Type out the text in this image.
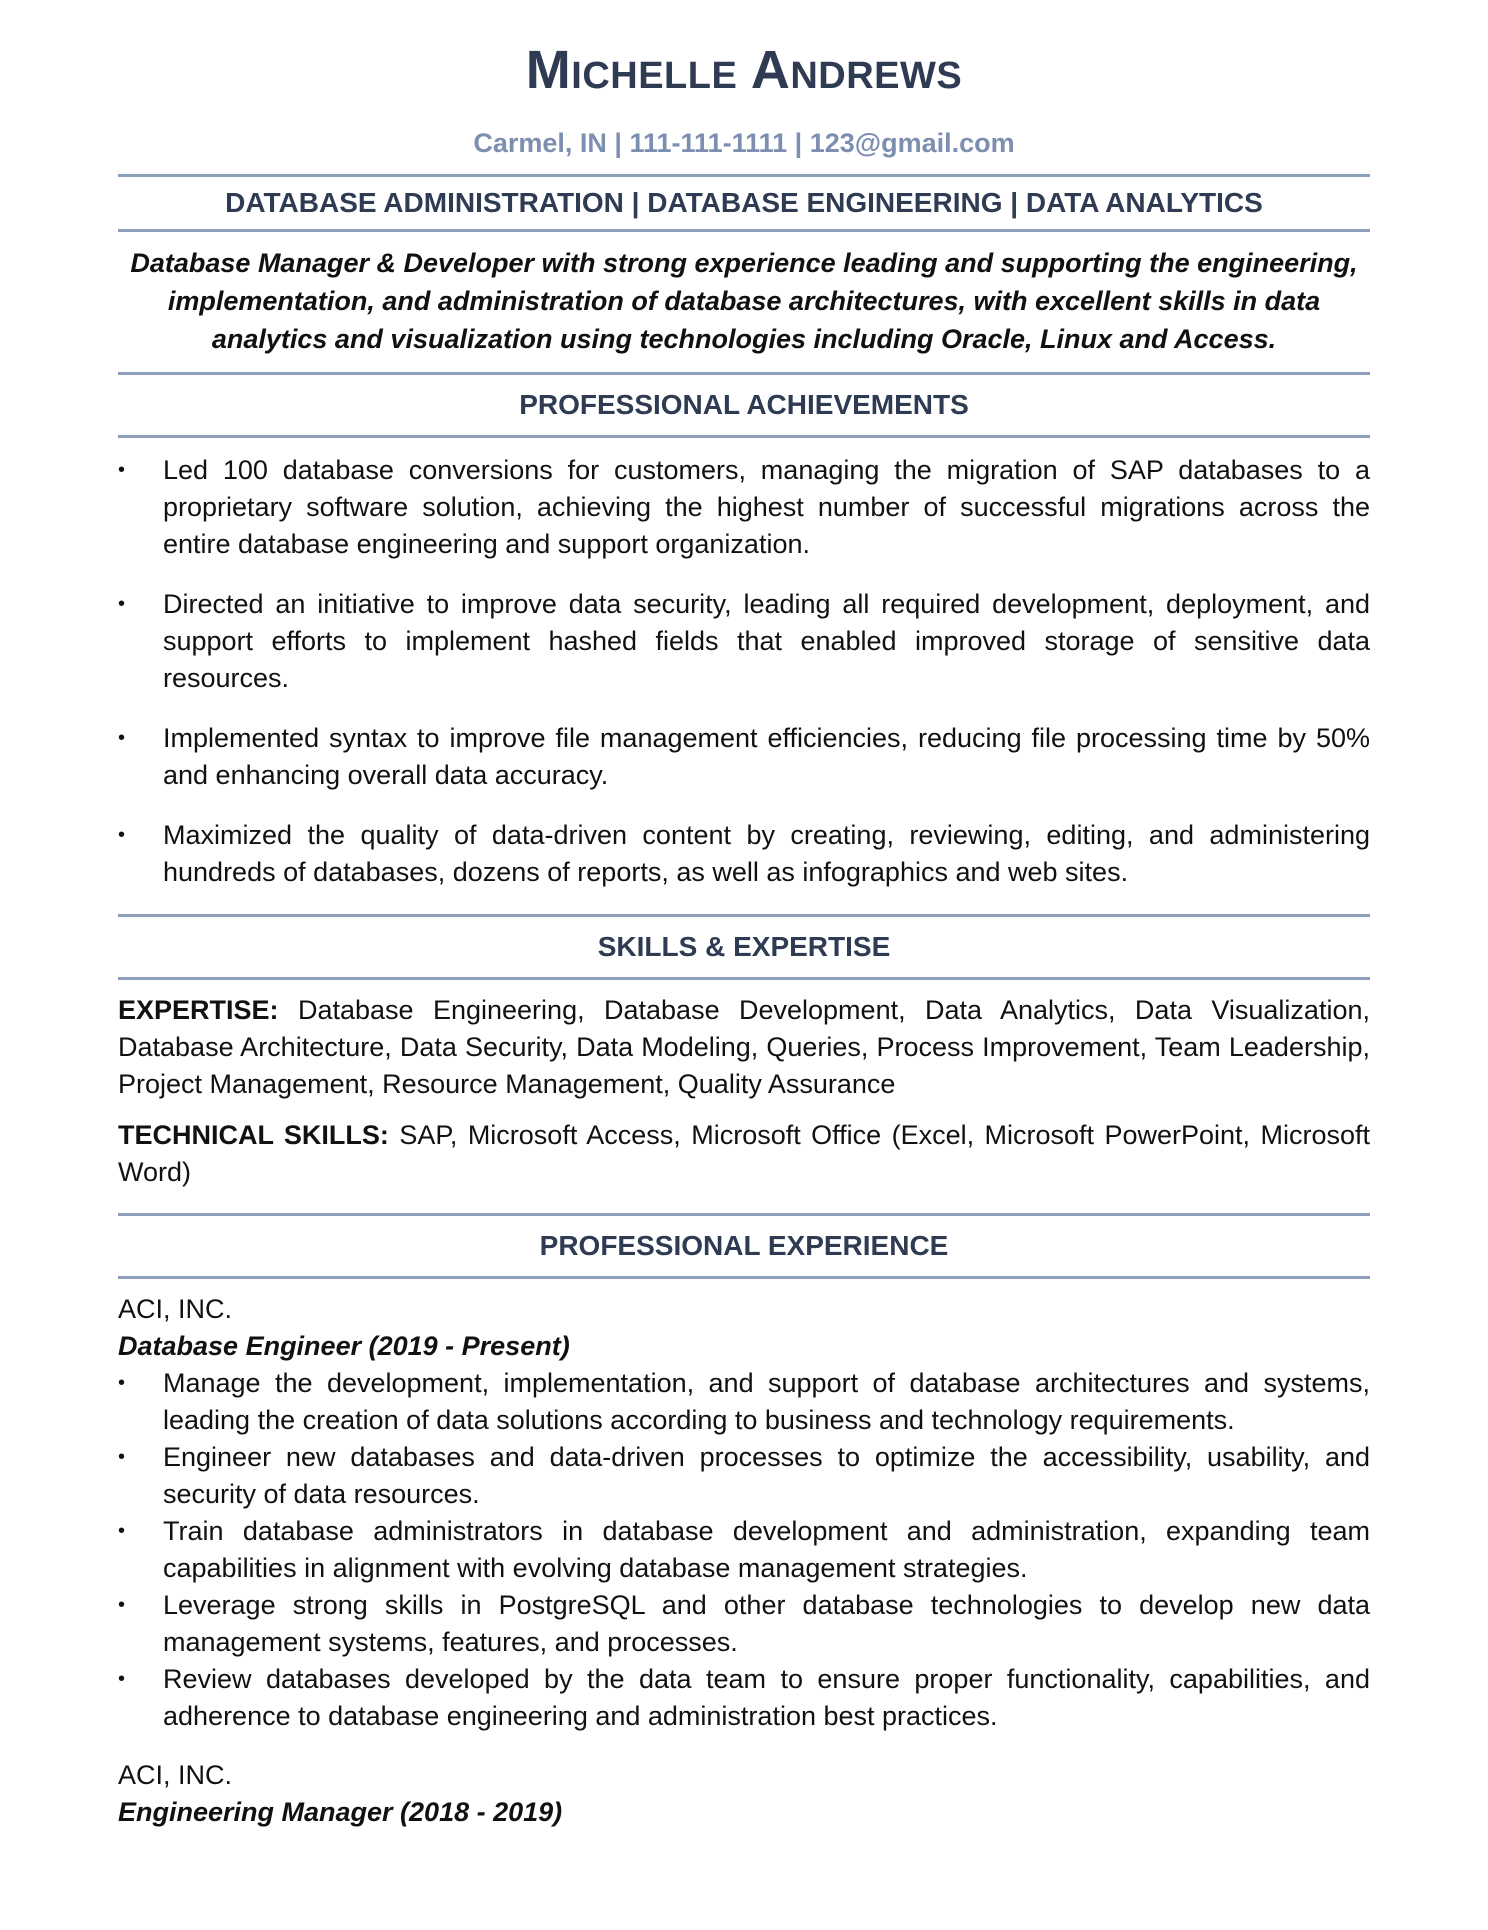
Michelle Andrews
Carmel, IN | 111-111-1111 | 123@gmail.com
DATABASE ADMINISTRATION | DATABASE ENGINEERING | DATA ANALYTICS
Database Manager & Developer with strong experience leading and supporting the engineering, implementation, and administration of database architectures, with excellent skills in data analytics and visualization using technologies including Oracle, Linux and Access.
PROFESSIONAL ACHIEVEMENTS
• Led 100 database conversions for customers, managing the migration of SAP databases to a proprietary software solution, achieving the highest number of successful migrations across the entire database engineering and support organization.
• Directed an initiative to improve data security, leading all required development, deployment, and support efforts to implement hashed fields that enabled improved storage of sensitive data resources.
• Implemented syntax to improve file management efficiencies, reducing file processing time by 50% and enhancing overall data accuracy.
• Maximized the quality of data-driven content by creating, reviewing, editing, and administering hundreds of databases, dozens of reports, as well as infographics and web sites.
SKILLS & EXPERTISE
EXPERTISE: Database Engineering, Database Development, Data Analytics, Data Visualization, Database Architecture, Data Security, Data Modeling, Queries, Process Improvement, Team Leadership, Project Management, Resource Management, Quality Assurance
TECHNICAL SKILLS: SAP, Microsoft Access, Microsoft Office (Excel, Microsoft PowerPoint, Microsoft Word)
PROFESSIONAL EXPERIENCE
ACI, INC.
Database Engineer (2019 - Present)
• Manage the development, implementation, and support of database architectures and systems, leading the creation of data solutions according to business and technology requirements.
• Engineer new databases and data-driven processes to optimize the accessibility, usability, and security of data resources.
• Train database administrators in database development and administration, expanding team capabilities in alignment with evolving database management strategies.
• Leverage strong skills in PostgreSQL and other database technologies to develop new data management systems, features, and processes.
• Review databases developed by the data team to ensure proper functionality, capabilities, and adherence to database engineering and administration best practices.
ACI, INC.
Engineering Manager (2018 - 2019)
